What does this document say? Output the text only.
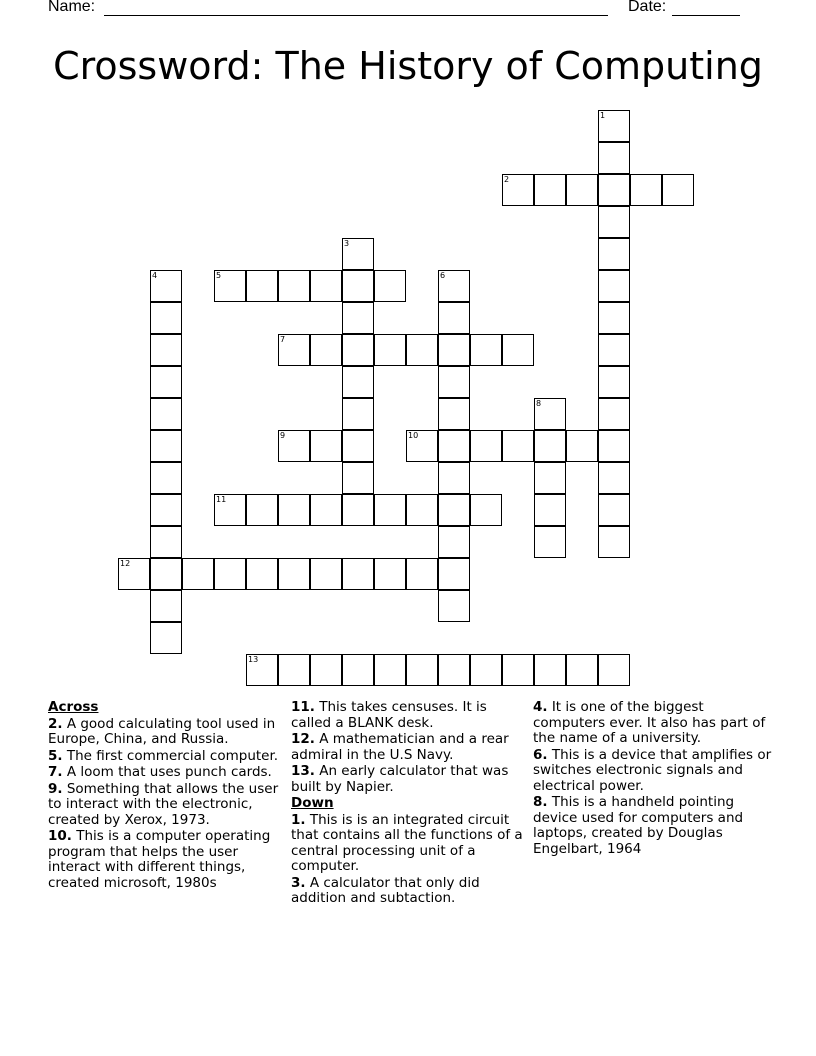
Name:	Date:
Crossword: The History of Computing
1
2
3
4	5	6
7
8
9	10
11
12
13

Across

2. A good calculating tool used in Europe, China, and Russia.

5. The first commercial computer.

7. A loom that uses punch cards.

9. Something that allows the user to interact with the electronic, created by Xerox, 1973.

10. This is a computer operating program that helps the user interact with different things, created microsoft, 1980s

11. This takes censuses. It is called a BLANK desk.

12. A mathematician and a rear admiral in the U.S Navy.

13. An early calculator that was built by Napier.

Down

1. This is is an integrated circuit that contains all the functions of a central processing unit of a computer.

3. A calculator that only did addition and subtaction.

4. It is one of the biggest computers ever. It also has part of the name of a university.

6. This is a device that amplifies or switches electronic signals and electrical power.

8. This is a handheld pointing device used for computers and laptops, created by Douglas Engelbart, 1964
